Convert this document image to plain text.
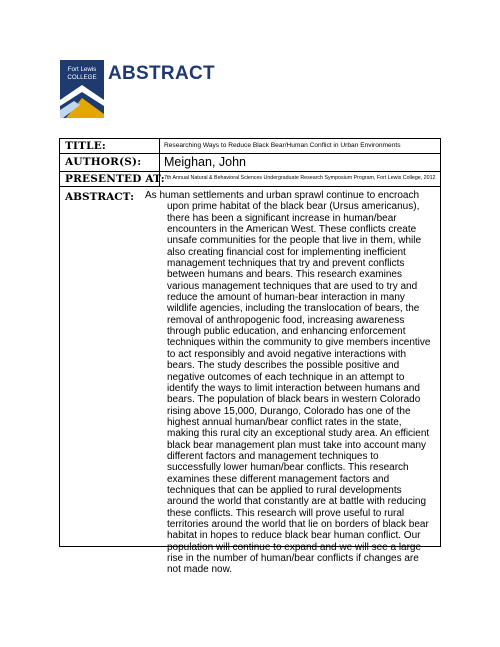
Fort Lewis
COLLEGE ABSTRACT
TITLE:	Researching Ways to Reduce Black Bear/Human Conflict in Urban Environments
AUTHOR(S): Meighan, John
PRESENTED AT: 7th Annual Natural & Behavioral Sciences Undergraduate Research Symposium Program, Fort Lewis College, 2012
ABSTRACT: As human settlements and urban sprawl continue to encroach upon prime habitat of the black bear (Ursus americanus), there has been a significant increase in human/bear encounters in the American West. These conflicts create unsafe communities for the people that live in them, while also creating financial cost for implementing inefficient management techniques that try and prevent conflicts between humans and bears. This research examines various management techniques that are used to try and reduce the amount of human-bear interaction in many wildlife agencies, including the translocation of bears, the removal of anthropogenic food, increasing awareness through public education, and enhancing enforcement techniques within the community to give members incentive to act responsibly and avoid negative interactions with bears. The study describes the possible positive and negative outcomes of each technique in an attempt to identify the ways to limit interaction between humans and bears. The population of black bears in western Colorado rising above 15,000, Durango, Colorado has one of the highest annual human/bear conflict rates in the state, making this rural city an exceptional study area. An efficient black bear management plan must take into account many different factors and management techniques to successfully lower human/bear conflicts. This research examines these different management factors and techniques that can be applied to rural developments around the world that constantly are at battle with reducing these conflicts. This research will prove useful to rural territories around the world that lie on borders of black bear habitat in hopes to reduce black bear human conflict. Our population will continue to expand and we will see a large rise in the number of human/bear conflicts if changes are not made now.
